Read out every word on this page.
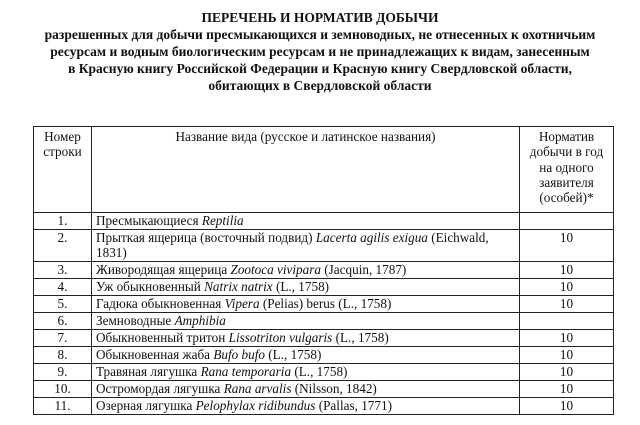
ПЕРЕЧЕНЬ И НОРМАТИВ ДОБЫЧИ
разрешенных для добычи пресмыкающихся и земноводных, не отнесенных к охотничьим
ресурсам и водным биологическим ресурсам и не принадлежащих к видам, занесенным
в Красную книгу Российской Федерации и Красную книгу Свердловской области,
обитающих в Свердловской области
Номер
строки	Название вида (русское и латинское названия)	Норматив добычи в год на одного заявителя (особей)*
1.	Пресмыкающиеся Reptilia	
2.	Прыткая ящерица (восточный подвид) Lacerta agilis exigua (Eichwald, 1831)	10
3.	Живородящая ящерица Zootoca vivipara (Jacquin, 1787)	10
4.	Уж обыкновенный Natrix natrix (L., 1758)	10
5.	Гадюка обыкновенная Vipera (Pelias) berus (L., 1758)	10
6.	Земноводные Amphibia	
7.	Обыкновенный тритон Lissotriton vulgaris (L., 1758)	10
8.	Обыкновенная жаба Bufo bufo (L., 1758)	10
9.	Травяная лягушка Rana temporaria (L., 1758)	10
10.	Остромордая лягушка Rana arvalis (Nilsson, 1842)	10
11.	Озерная лягушка Pelophylax ridibundus (Pallas, 1771)	10
